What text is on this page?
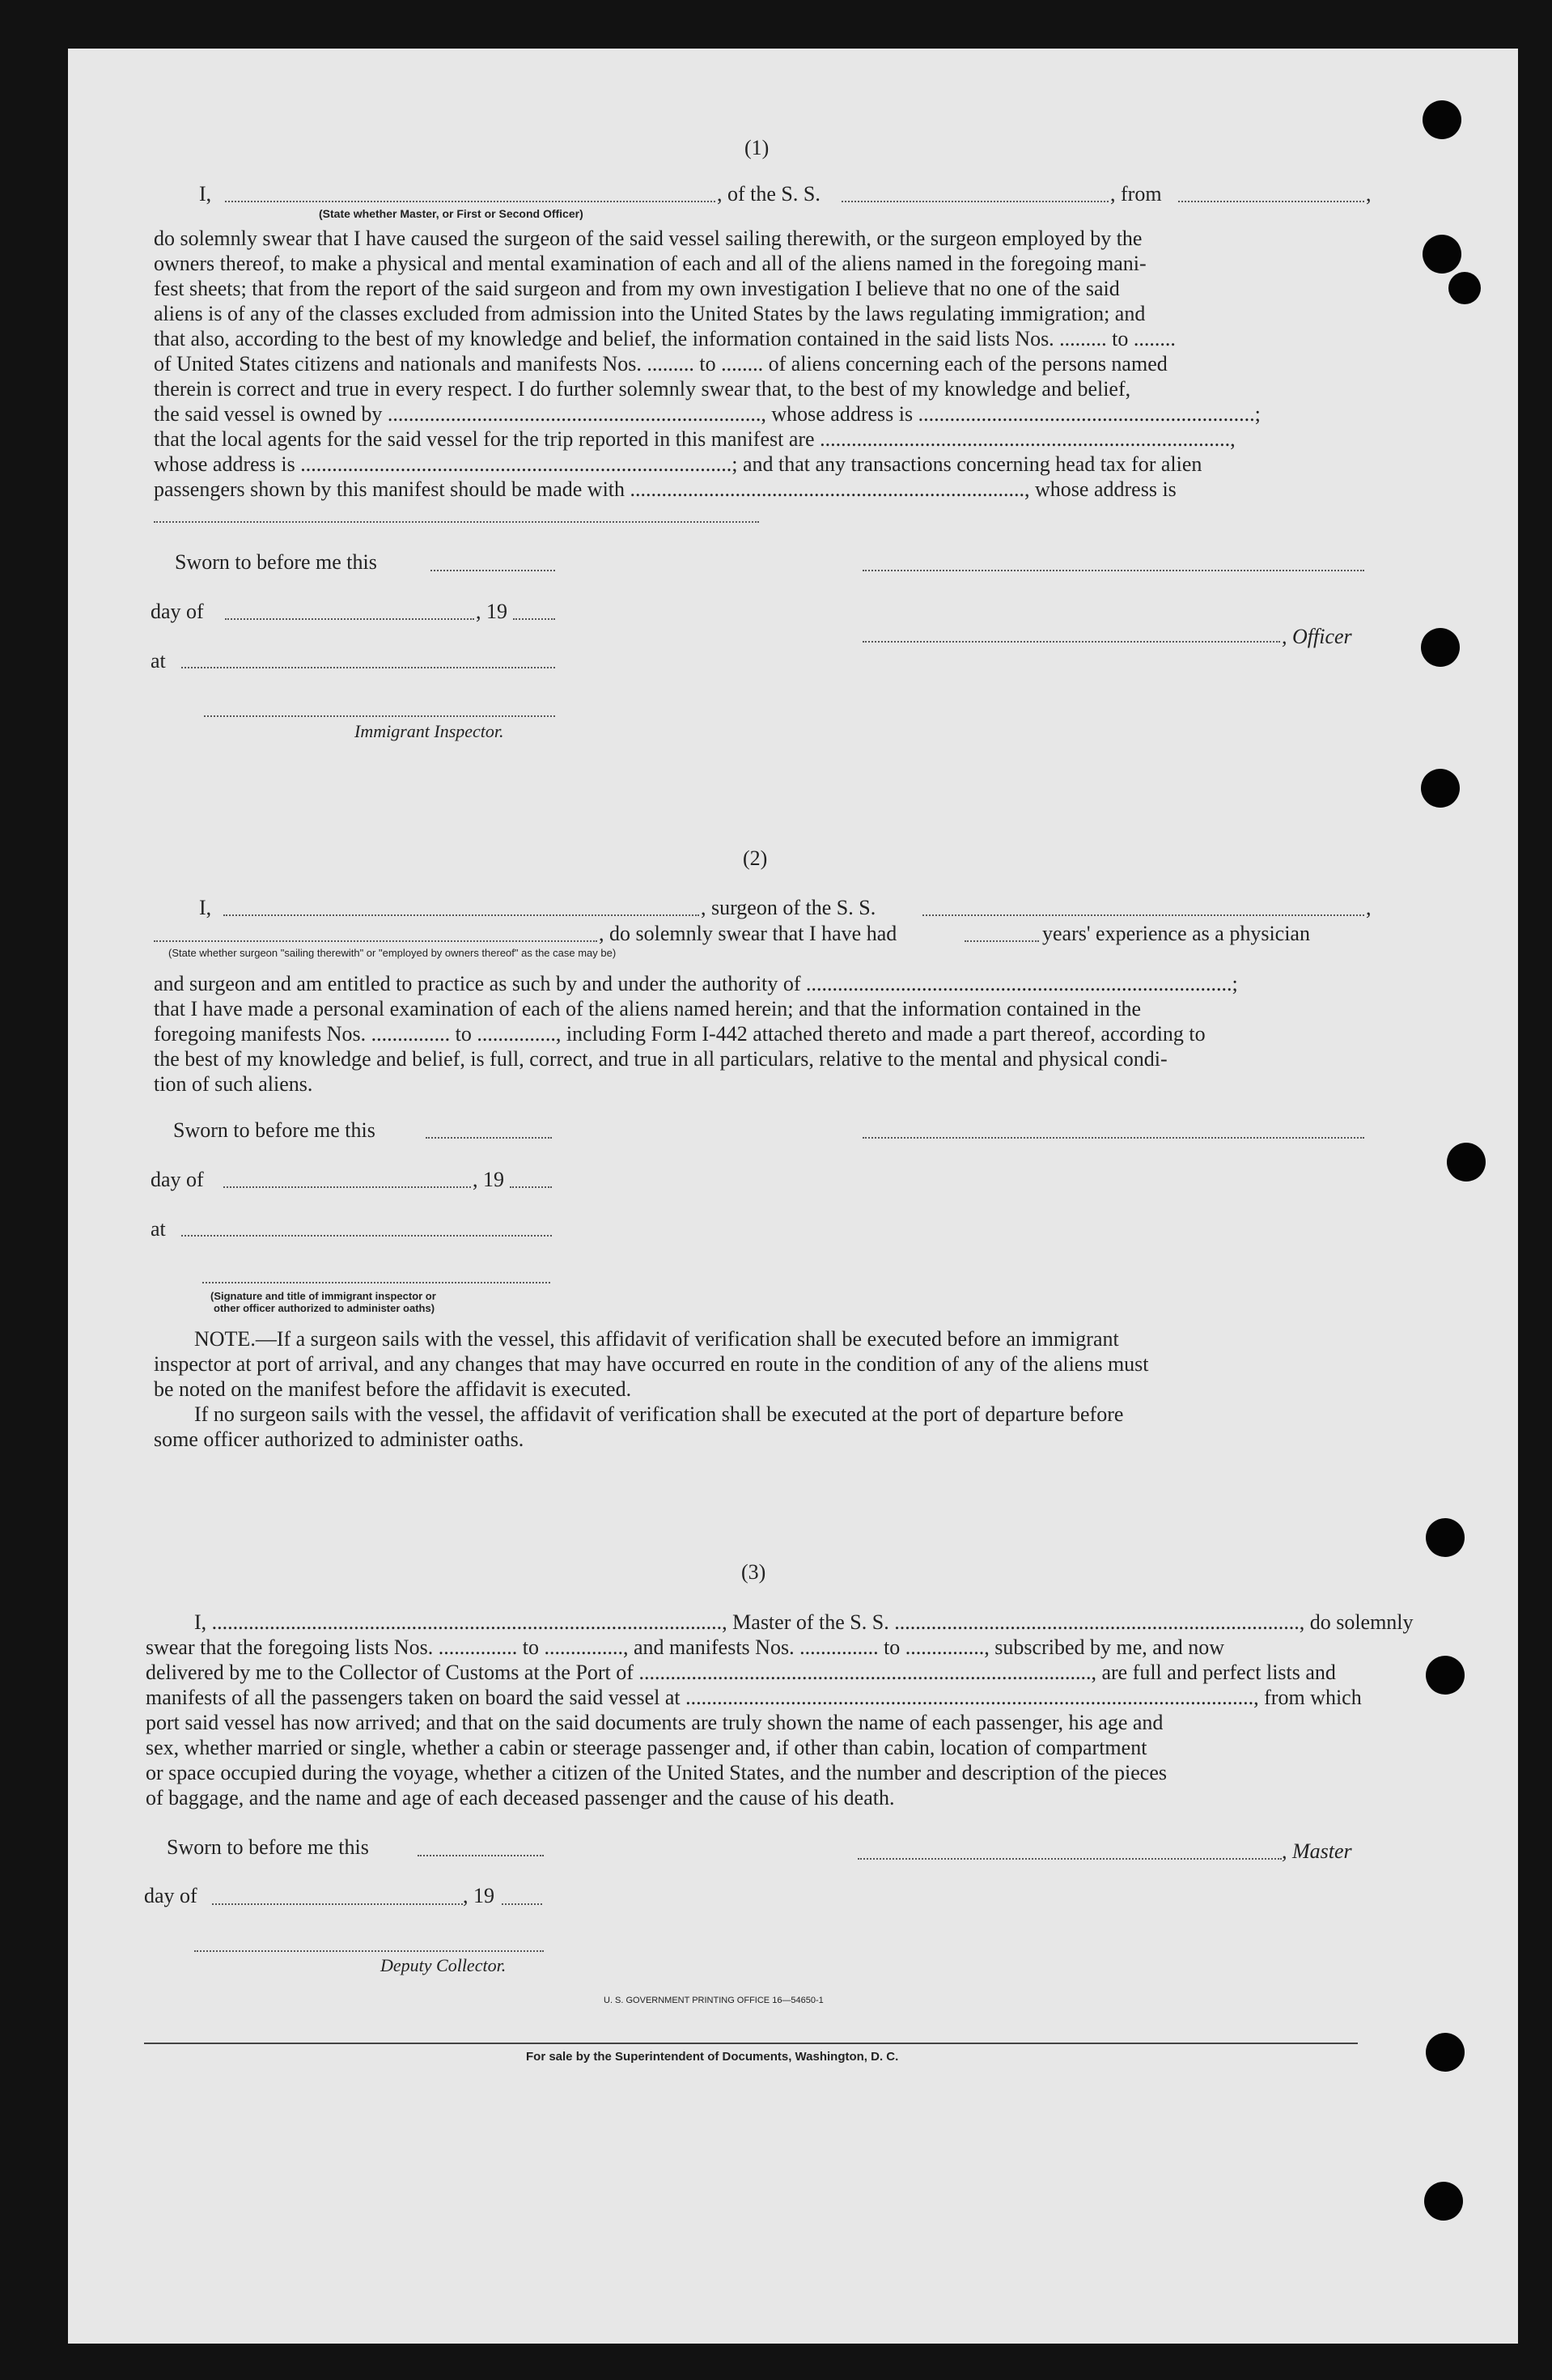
(1)
I,	, of the S. S.	, from	,
(State whether Master, or First or Second Officer)
do solemnly swear that I have caused the surgeon of the said vessel sailing therewith, or the surgeon employed by the
owners thereof, to make a physical and mental examination of each and all of the aliens named in the foregoing mani-
fest sheets; that from the report of the said surgeon and from my own investigation I believe that no one of the said
aliens is of any of the classes excluded from admission into the United States by the laws regulating immigration; and
that also, according to the best of my knowledge and belief, the information contained in the said lists Nos. ......... to ........
of United States citizens and nationals and manifests Nos. ......... to ........ of aliens concerning each of the persons named
therein is correct and true in every respect. I do further solemnly swear that, to the best of my knowledge and belief,
the said vessel is owned by ......................................................................., whose address is ................................................................;
that the local agents for the said vessel for the trip reported in this manifest are ..............................................................................,
whose address is ..................................................................................; and that any transactions concerning head tax for alien
passengers shown by this manifest should be made with ..........................................................................., whose address is
Sworn to before me this
day of	, 19
, Officer
at
Immigrant Inspector.
(2)
I,	, surgeon of the S. S.	,
, do solemnly swear that I have had	years' experience as a physician
(State whether surgeon "sailing therewith" or "employed by owners thereof" as the case may be)
and surgeon and am entitled to practice as such by and under the authority of .................................................................................;
that I have made a personal examination of each of the aliens named herein; and that the information contained in the
foregoing manifests Nos. ............... to ..............., including Form I-442 attached thereto and made a part thereof, according to
the best of my knowledge and belief, is full, correct, and true in all particulars, relative to the mental and physical condi-
tion of such aliens.
Sworn to before me this
day of	, 19
at
(Signature and title of immigrant inspector or
other officer authorized to administer oaths)
NOTE.—If a surgeon sails with the vessel, this affidavit of verification shall be executed before an immigrant
inspector at port of arrival, and any changes that may have occurred en route in the condition of any of the aliens must
be noted on the manifest before the affidavit is executed.
If no surgeon sails with the vessel, the affidavit of verification shall be executed at the port of departure before
some officer authorized to administer oaths.
(3)
I, ................................................................................................., Master of the S. S. ............................................................................., do solemnly
swear that the foregoing lists Nos. ............... to ..............., and manifests Nos. ............... to ..............., subscribed by me, and now
delivered by me to the Collector of Customs at the Port of ......................................................................................, are full and perfect lists and
manifests of all the passengers taken on board the said vessel at ............................................................................................................, from which
port said vessel has now arrived; and that on the said documents are truly shown the name of each passenger, his age and
sex, whether married or single, whether a cabin or steerage passenger and, if other than cabin, location of compartment
or space occupied during the voyage, whether a citizen of the United States, and the number and description of the pieces
of baggage, and the name and age of each deceased passenger and the cause of his death.
Sworn to before me this	, Master
day of	, 19
Deputy Collector.
U. S. GOVERNMENT PRINTING OFFICE 16—54650-1
For sale by the Superintendent of Documents, Washington, D. C.
